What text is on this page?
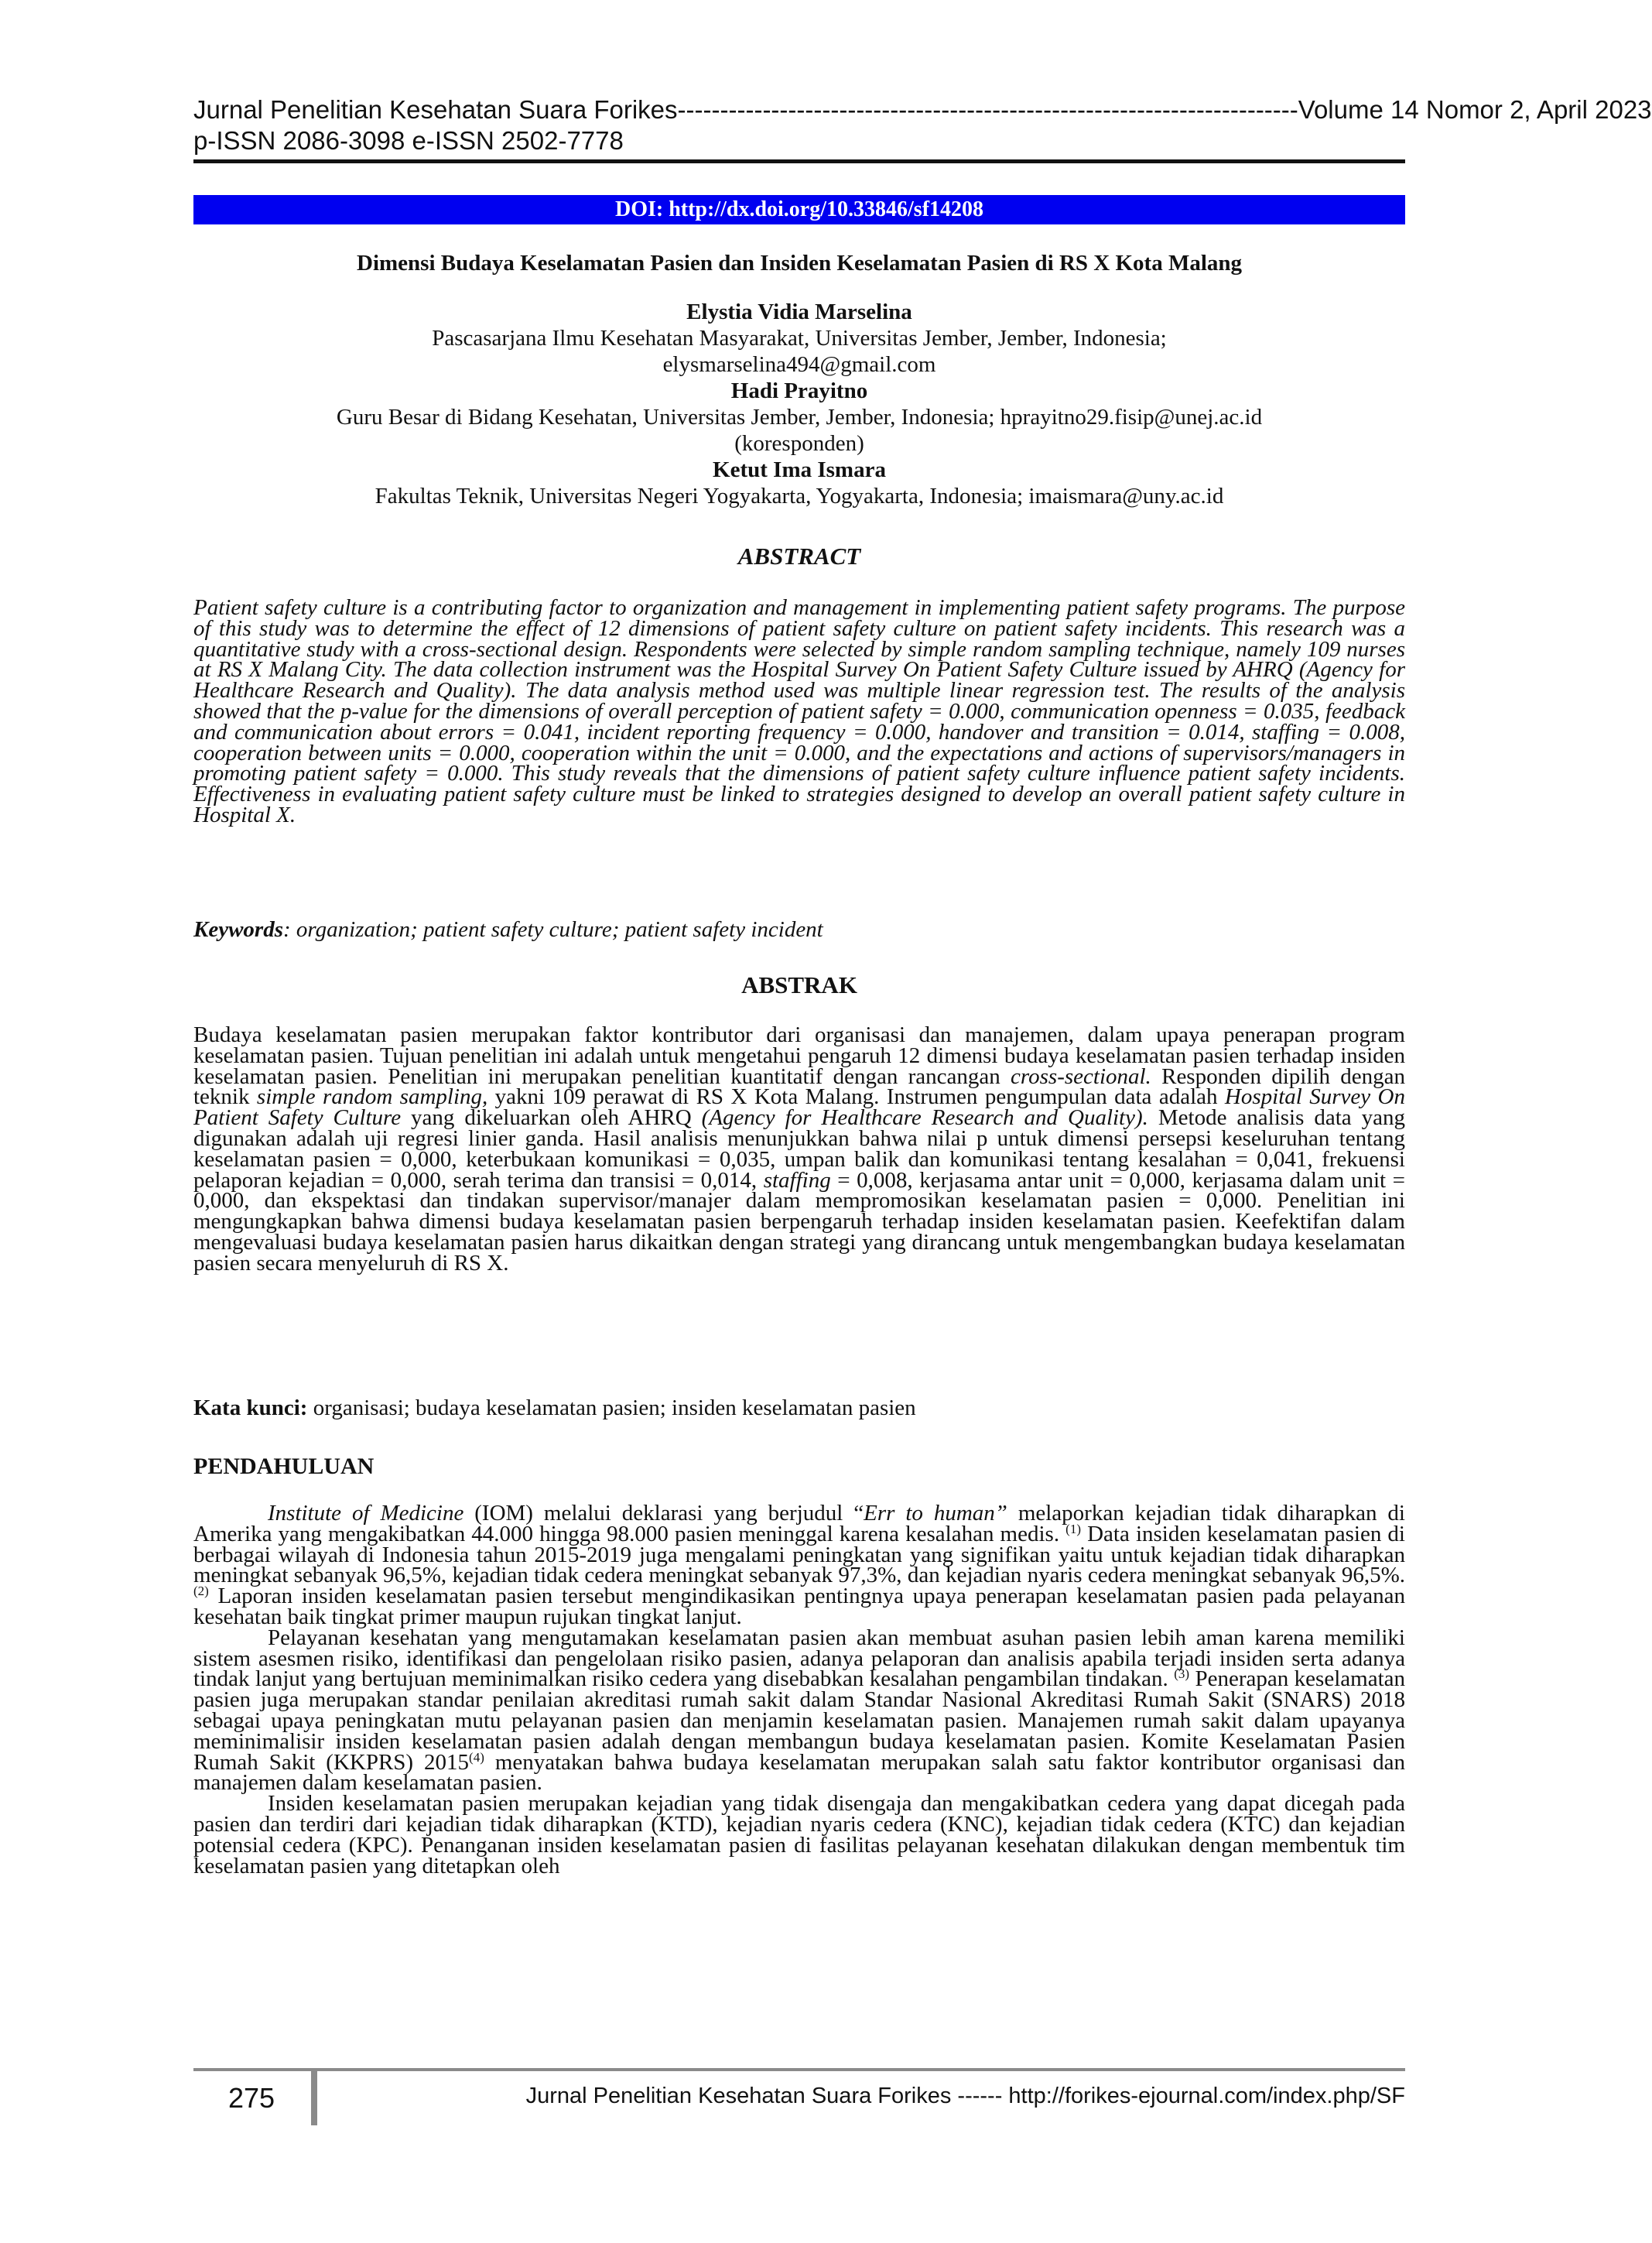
Jurnal Penelitian Kesehatan Suara Forikes ------------------------------------------------------------------------- Volume 14 Nomor 2, April 2023
p-ISSN 2086-3098 e-ISSN 2502-7778
DOI: http://dx.doi.org/10.33846/sf14208
Dimensi Budaya Keselamatan Pasien dan Insiden Keselamatan Pasien di RS X Kota Malang
Elystia Vidia Marselina
Pascasarjana Ilmu Kesehatan Masyarakat, Universitas Jember, Jember, Indonesia;
elysmarselina494@gmail.com
Hadi Prayitno
Guru Besar di Bidang Kesehatan, Universitas Jember, Jember, Indonesia; hprayitno29.fisip@unej.ac.id
(koresponden)
Ketut Ima Ismara
Fakultas Teknik, Universitas Negeri Yogyakarta, Yogyakarta, Indonesia; imaismara@uny.ac.id
ABSTRACT
Patient safety culture is a contributing factor to organization and management in implementing patient safety programs. The purpose of this study was to determine the effect of 12 dimensions of patient safety culture on patient safety incidents. This research was a quantitative study with a cross-sectional design. Respondents were selected by simple random sampling technique, namely 109 nurses at RS X Malang City. The data collection instrument was the Hospital Survey On Patient Safety Culture issued by AHRQ (Agency for Healthcare Research and Quality). The data analysis method used was multiple linear regression test. The results of the analysis showed that the p-value for the dimensions of overall perception of patient safety = 0.000, communication openness = 0.035, feedback and communication about errors = 0.041, incident reporting frequency = 0.000, handover and transition = 0.014, staffing = 0.008, cooperation between units = 0.000, cooperation within the unit = 0.000, and the expectations and actions of supervisors/managers in promoting patient safety = 0.000. This study reveals that the dimensions of patient safety culture influence patient safety incidents. Effectiveness in evaluating patient safety culture must be linked to strategies designed to develop an overall patient safety culture in Hospital X.
Keywords: organization; patient safety culture; patient safety incident
ABSTRAK
Budaya keselamatan pasien merupakan faktor kontributor dari organisasi dan manajemen, dalam upaya penerapan program keselamatan pasien. Tujuan penelitian ini adalah untuk mengetahui pengaruh 12 dimensi budaya keselamatan pasien terhadap insiden keselamatan pasien. Penelitian ini merupakan penelitian kuantitatif dengan rancangan cross-sectional. Responden dipilih dengan teknik simple random sampling, yakni 109 perawat di RS X Kota Malang. Instrumen pengumpulan data adalah Hospital Survey On Patient Safety Culture yang dikeluarkan oleh AHRQ (Agency for Healthcare Research and Quality). Metode analisis data yang digunakan adalah uji regresi linier ganda. Hasil analisis menunjukkan bahwa nilai p untuk dimensi persepsi keseluruhan tentang keselamatan pasien = 0,000, keterbukaan komunikasi = 0,035, umpan balik dan komunikasi tentang kesalahan = 0,041, frekuensi pelaporan kejadian = 0,000, serah terima dan transisi = 0,014, staffing = 0,008, kerjasama antar unit = 0,000, kerjasama dalam unit = 0,000, dan ekspektasi dan tindakan supervisor/manajer dalam mempromosikan keselamatan pasien = 0,000. Penelitian ini mengungkapkan bahwa dimensi budaya keselamatan pasien berpengaruh terhadap insiden keselamatan pasien. Keefektifan dalam mengevaluasi budaya keselamatan pasien harus dikaitkan dengan strategi yang dirancang untuk mengembangkan budaya keselamatan pasien secara menyeluruh di RS X.
Kata kunci: organisasi; budaya keselamatan pasien; insiden keselamatan pasien
PENDAHULUAN

Institute of Medicine (IOM) melalui deklarasi yang berjudul “Err to human” melaporkan kejadian tidak diharapkan di Amerika yang mengakibatkan 44.000 hingga 98.000 pasien meninggal karena kesalahan medis. $^{(1)}$ Data insiden keselamatan pasien di berbagai wilayah di Indonesia tahun 2015-2019 juga mengalami peningkatan yang signifikan yaitu untuk kejadian tidak diharapkan meningkat sebanyak 96,5%, kejadian tidak cedera meningkat sebanyak 97,3%, dan kejadian nyaris cedera meningkat sebanyak 96,5%. $^{(2)}$ Laporan insiden keselamatan pasien tersebut mengindikasikan pentingnya upaya penerapan keselamatan pasien pada pelayanan kesehatan baik tingkat primer maupun rujukan tingkat lanjut.

Pelayanan kesehatan yang mengutamakan keselamatan pasien akan membuat asuhan pasien lebih aman karena memiliki sistem asesmen risiko, identifikasi dan pengelolaan risiko pasien, adanya pelaporan dan analisis apabila terjadi insiden serta adanya tindak lanjut yang bertujuan meminimalkan risiko cedera yang disebabkan kesalahan pengambilan tindakan. $^{(3)}$ Penerapan keselamatan pasien juga merupakan standar penilaian akreditasi rumah sakit dalam Standar Nasional Akreditasi Rumah Sakit (SNARS) 2018 sebagai upaya peningkatan mutu pelayanan pasien dan menjamin keselamatan pasien. Manajemen rumah sakit dalam upayanya meminimalisir insiden keselamatan pasien adalah dengan membangun budaya keselamatan pasien. Komite Keselamatan Pasien Rumah Sakit (KKPRS) 2015$^{(4)}$ menyatakan bahwa budaya keselamatan merupakan salah satu faktor kontributor organisasi dan manajemen dalam keselamatan pasien.

Insiden keselamatan pasien merupakan kejadian yang tidak disengaja dan mengakibatkan cedera yang dapat dicegah pada pasien dan terdiri dari kejadian tidak diharapkan (KTD), kejadian nyaris cedera (KNC), kejadian tidak cedera (KTC) dan kejadian potensial cedera (KPC). Penanganan insiden keselamatan pasien di fasilitas pelayanan kesehatan dilakukan dengan membentuk tim keselamatan pasien yang ditetapkan oleh

275	Jurnal Penelitian Kesehatan Suara Forikes ------ http://forikes-ejournal.com/index.php/SF
